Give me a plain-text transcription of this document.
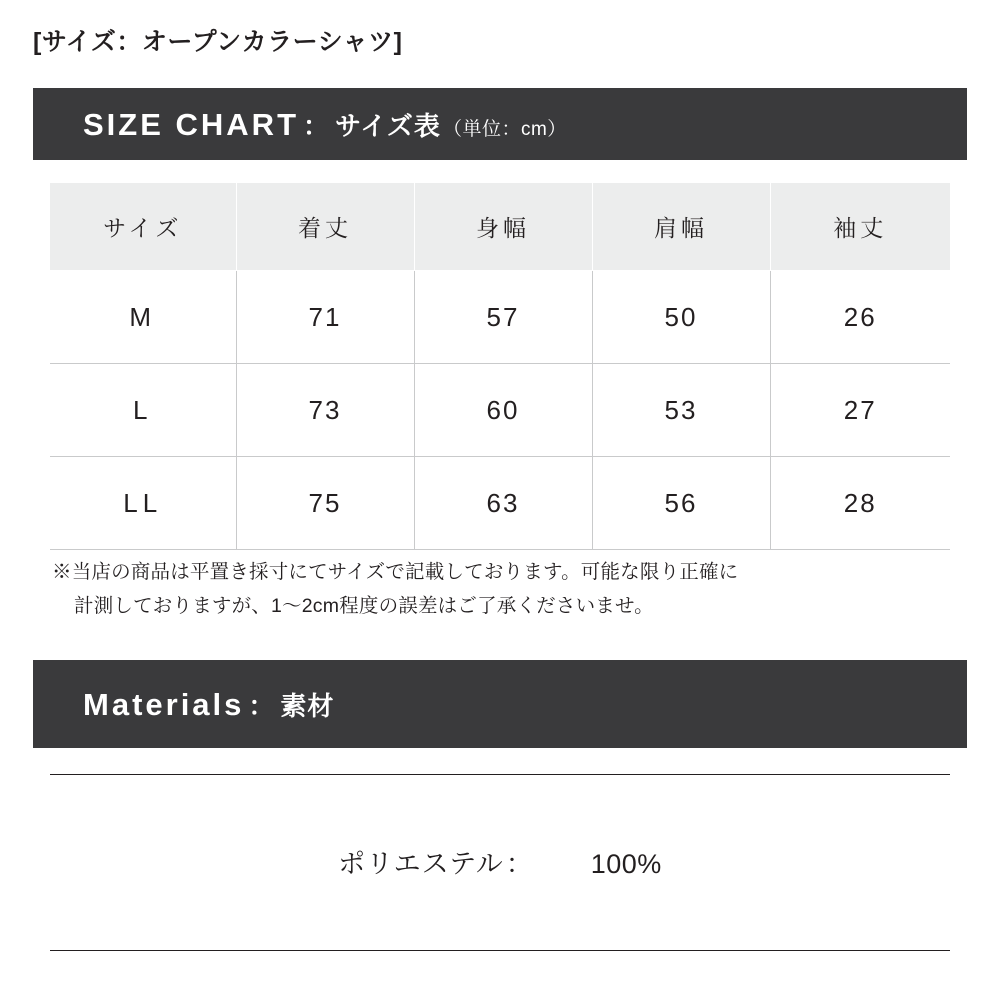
[サイズ：オープンカラーシャツ]
SIZE CHART ： サイズ表 （単位：cm）
サイズ	着丈	身幅	肩幅	袖丈
M	71	57	50	26
L	73	60	53	27
LL	75	63	56	28
※当店の商品は平置き採寸にてサイズで記載しております。可能な限り正確に
計測しておりますが、1〜2cm程度の誤差はご了承くださいませ。
Materials ： 素材
ポリエステル ： 100%
